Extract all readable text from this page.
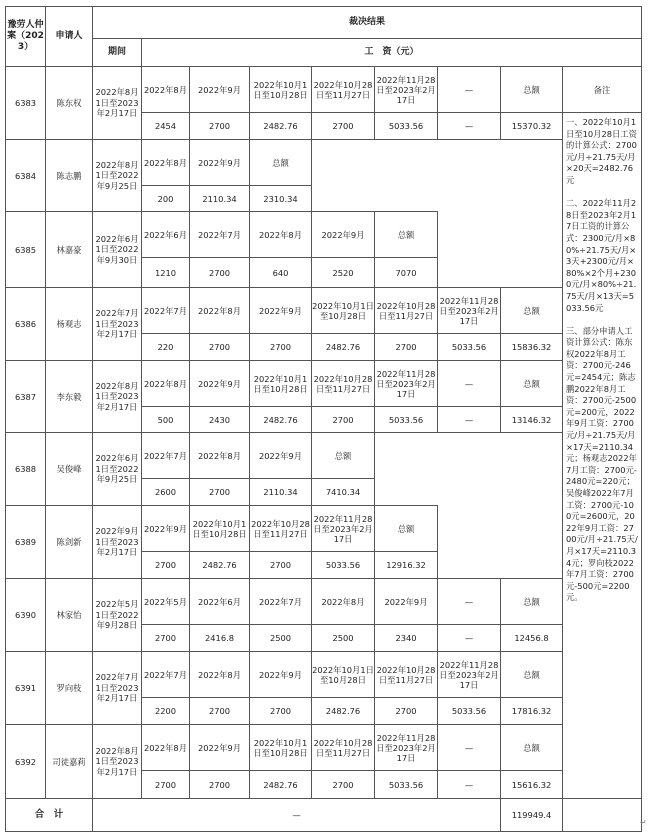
豫劳人仲案（2023）	申请人	裁决结果								
		期间	工　资（元）							
6383	陈东权	2022年8月1日至2023年2月17日	2022年8月	2022年9月	2022年10月1日至10月28日	2022年10月28日至11月27日	2022年11月28日至2023年2月17日	—	总额	备注
			2454	2700	2482.76	2700	5033.56	—	15370.32	一、2022年10月1日至10月28日工资的计算公式：2700元/月÷21.75天/月×20天=2482.76元

二、2022年11月28日至2023年2月17日工资的计算公式：2300元/月×80%÷21.75天/月×3天+2300元/月×80%×2个月+2300元/月×80%÷21.75天/月×13天=5033.56元

三、部分申请人工资计算公式：陈东权2022年8月工资：2700元-246元=2454元；陈志鹏2022年8月工资：2700元-2500元=200元，2022年9月工资：2700元/月÷21.75天/月×17天=2110.34元；杨观志2022年7月工资：2700元-2480元=220元；吴俊峰2022年7月工资：2700元-100元=2600元，2022年9月工资：2700元/月÷21.75天/月×17天=2110.34元；罗向枝2022年7月工资：2700元-500元=2200元。
6384	陈志鹏	2022年8月1日至2022年9月25日	2022年8月	2022年9月	总额					
			200	2110.34	2310.34					
6385	林嘉豪	2022年6月1日至2022年9月30日	2022年6月	2022年7月	2022年8月	2022年9月	总额			
			1210	2700	640	2520	7070			
6386	杨观志	2022年7月1日至2023年2月17日	2022年7月	2022年8月	2022年9月	2022年10月1日至10月28日	2022年10月28日至11月27日	2022年11月28日至2023年2月17日	总额	
			220	2700	2700	2482.76	2700	5033.56	15836.32	
6387	李东毅	2022年8月1日至2023年2月17日	2022年8月	2022年9月	2022年10月1日至10月28日	2022年10月28日至11月27日	2022年11月28日至2023年2月17日	—	总额	
			500	2430	2482.76	2700	5033.56	—	13146.32	
6388	吴俊峰	2022年6月1日至2022年9月25日	2022年7月	2022年8月	2022年9月	总额				
			2600	2700	2110.34	7410.34				
6389	陈剑新	2022年9月1日至2023年2月17日	2022年9月	2022年10月1日至10月28日	2022年10月28日至11月27日	2022年11月28日至2023年2月17日	总额			
			2700	2482.76	2700	5033.56	12916.32			
6390	林家怡	2022年5月1日至2022年9月28日	2022年5月	2022年6月	2022年7月	2022年8月	2022年9月	—	总额	
			2700	2416.8	2500	2500	2340	—	12456.8	
6391	罗向枝	2022年7月1日至2023年2月17日	2022年7月	2022年8月	2022年9月	2022年10月1日至10月28日	2022年10月28日至11月27日	2022年11月28日至2023年2月17日	总额	
			2200	2700	2700	2482.76	2700	5033.56	17816.32	
6392	司徒嘉莉	2022年8月1日至2023年2月17日	2022年8月	2022年9月	2022年10月1日至10月28日	2022年10月28日至11月27日	2022年11月28日至2023年2月17日	—	总额	
			2700	2700	2482.76	2700	5033.56	—	15616.32	
合　计		—							119949.4	
↵
